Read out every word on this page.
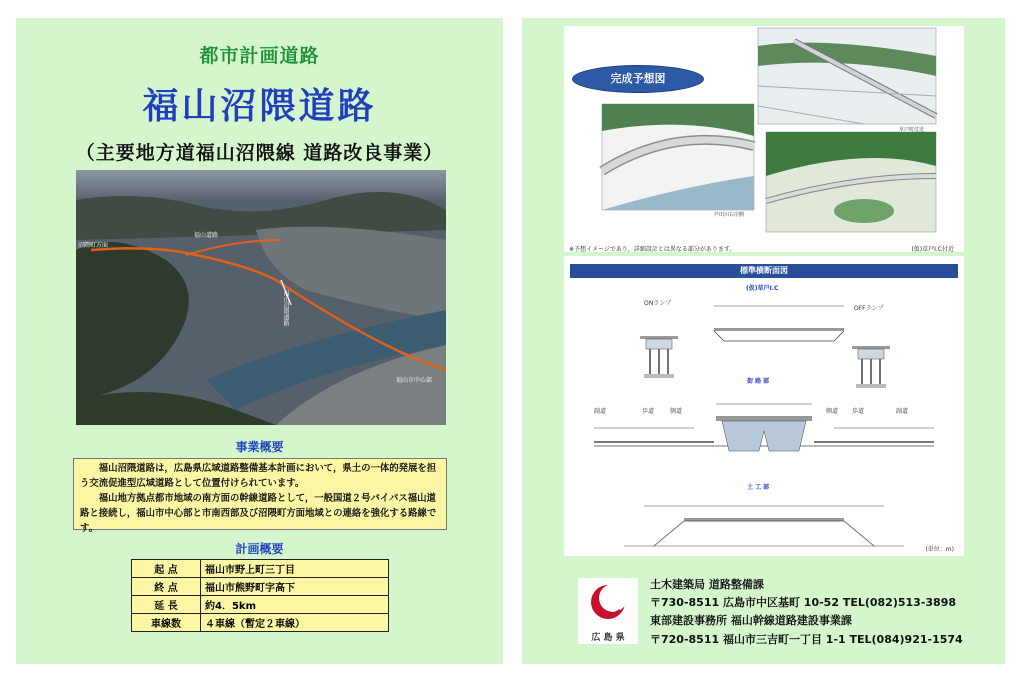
都市計画道路
福山沼隈道路
（主要地方道福山沼隈線 道路改良事業）
沼隈町方面
福山道路
福山沼隈道路
福山市中心部
事業概要

福山沼隈道路は，広島県広域道路整備基本計画において，県土の一体的発展を担う交流促進型広域道路として位置付けられています。

福山地方拠点都市地域の南方面の幹線道路として，一般国道２号バイパス福山道路と接続し，福山市中心部と市南西部及び沼隈町方面地域との連絡を強化する路線です。

計画概要
起 点	福山市野上町三丁目
終 点	福山市熊野町字高下
延 長	約4．5km
車線数	４車線（暫定２車線）
完成予想図
芦田川右岸側
草戸町付近
※予想イメージであり，詳細設計とは異なる部分があります。	(仮)草戸I.C付近
標準横断面図
(仮)草戸I.C
ONランプ
OFFランプ
街 路 部
土 工 部
副道	歩道	側道	側道 歩道	副道
(単位：m)
広 島 県
土木建築局 道路整備課
〒730-8511 広島市中区基町 10-52 TEL(082)513-3898
東部建設事務所 福山幹線道路建設事業課
〒720-8511 福山市三吉町一丁目 1-1 TEL(084)921-1574
